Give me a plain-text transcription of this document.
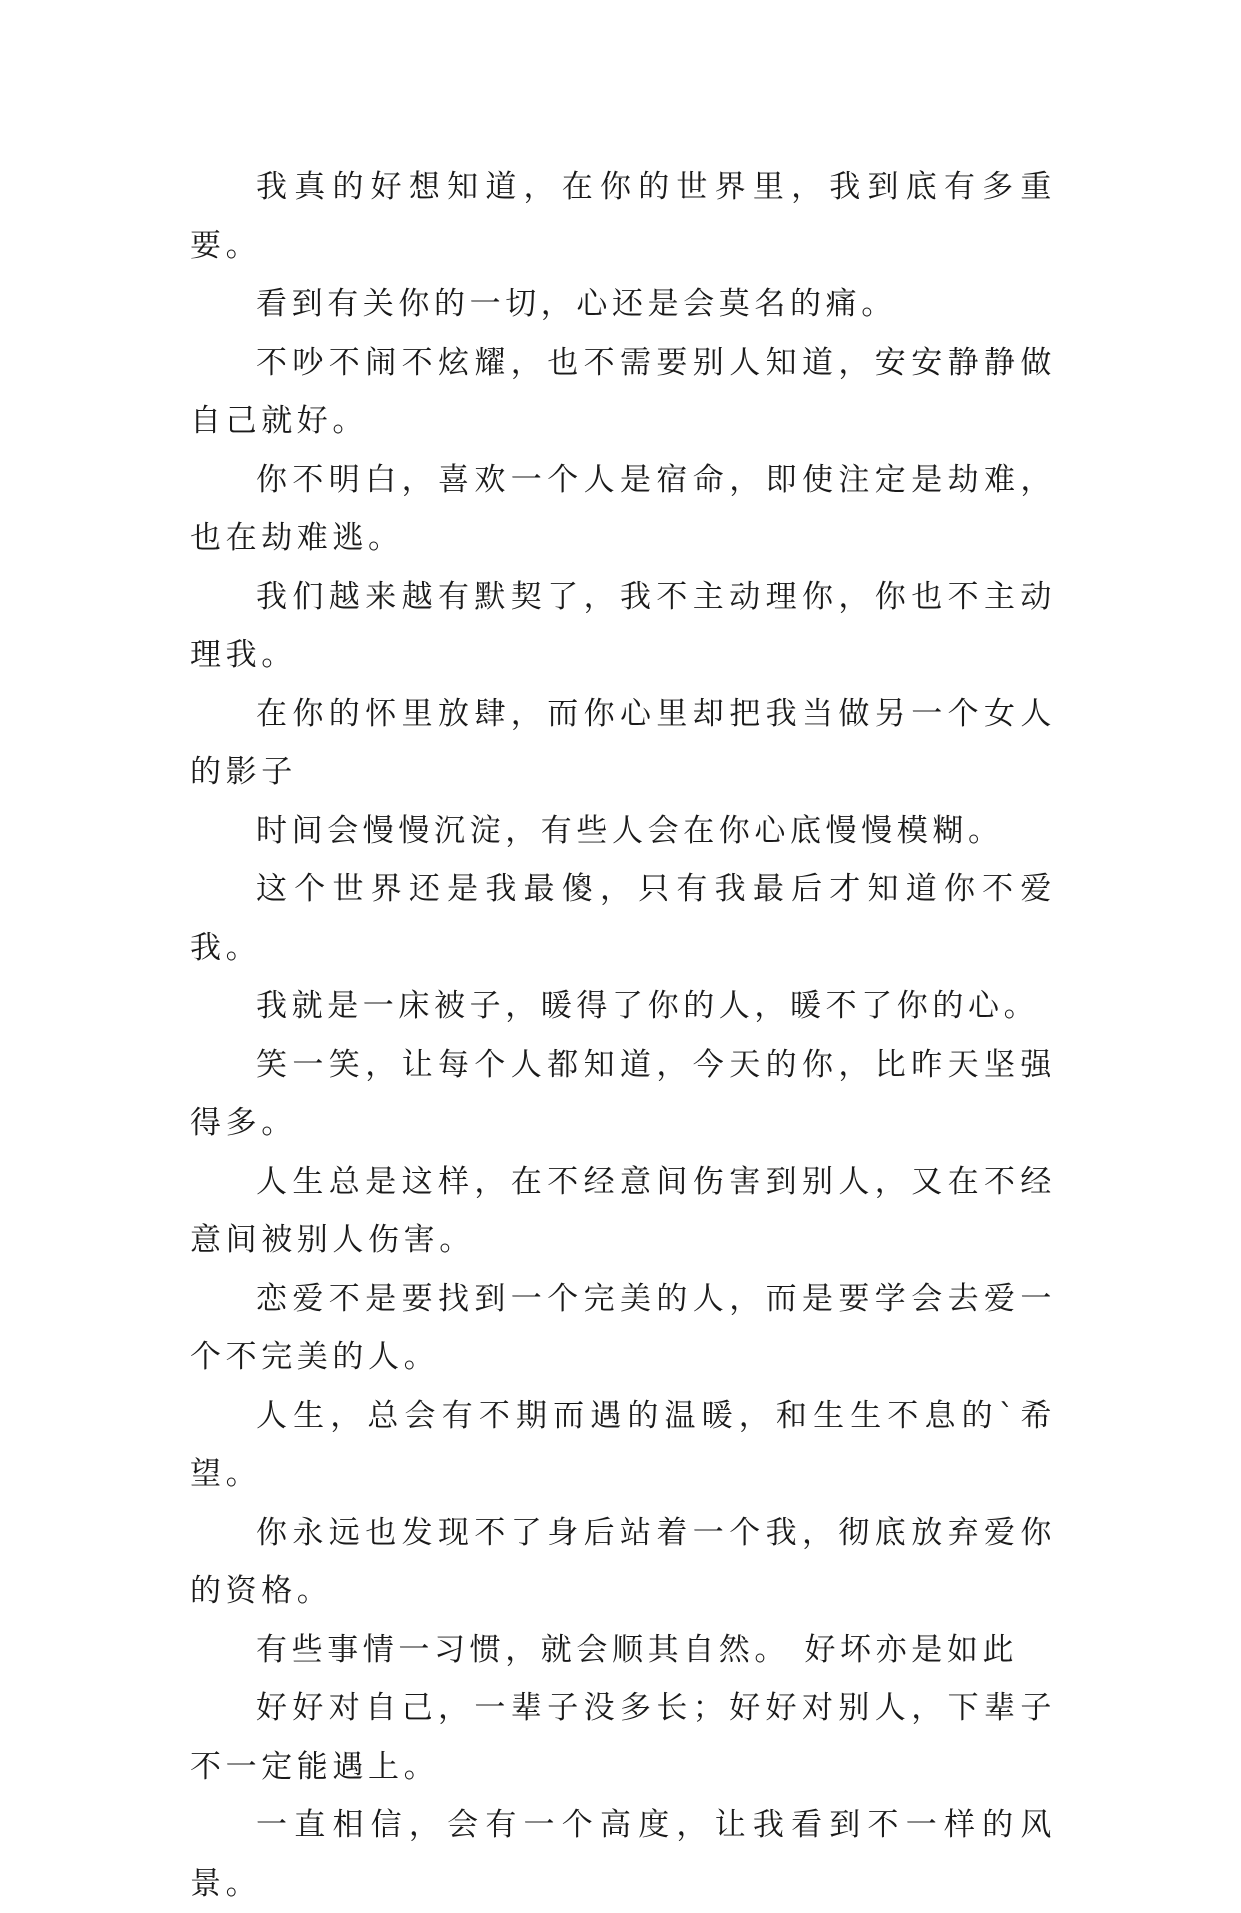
我真的好想知道，在你的世界里，我到底有多重要。

看到有关你的一切，心还是会莫名的痛。

不吵不闹不炫耀，也不需要别人知道，安安静静做自己就好。

你不明白，喜欢一个人是宿命，即使注定是劫难，也在劫难逃。

我们越来越有默契了，我不主动理你，你也不主动理我。

在你的怀里放肆，而你心里却把我当做另一个女人的影子

时间会慢慢沉淀，有些人会在你心底慢慢模糊。

这个世界还是我最傻，只有我最后才知道你不爱我。

我就是一床被子，暖得了你的人，暖不了你的心。

笑一笑，让每个人都知道，今天的你，比昨天坚强得多。

人生总是这样，在不经意间伤害到别人，又在不经意间被别人伤害。

恋爱不是要找到一个完美的人，而是要学会去爱一个不完美的人。

人生，总会有不期而遇的温暖，和生生不息的`希望。

你永远也发现不了身后站着一个我，彻底放弃爱你的资格。

有些事情一习惯，就会顺其自然。 好坏亦是如此

好好对自己，一辈子没多长；好好对别人，下辈子不一定能遇上。

一直相信，会有一个高度，让我看到不一样的风景。
